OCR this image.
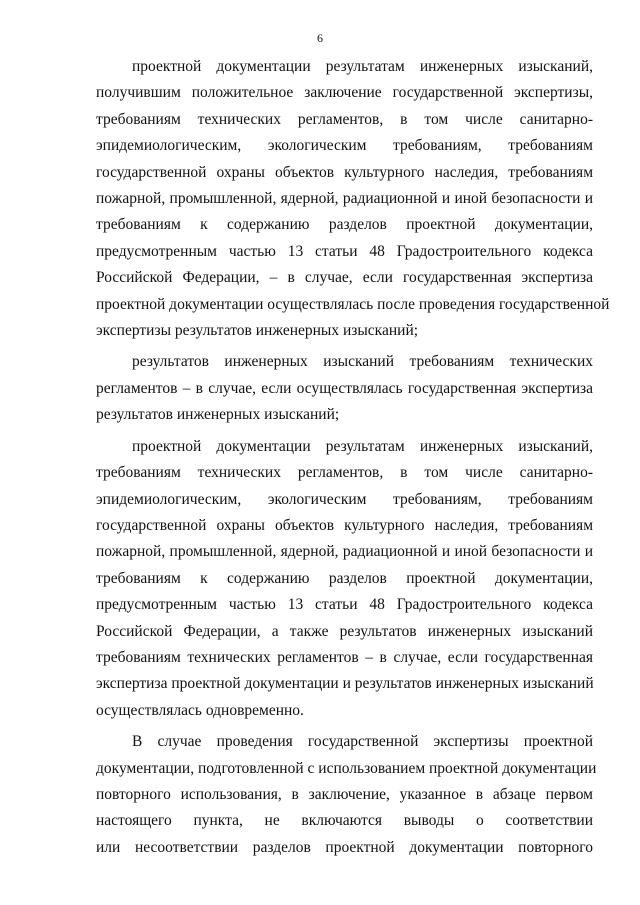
6

проектной документации результатам инженерных изысканий,
получившим положительное заключение государственной экспертизы,
требованиям технических регламентов, в том числе санитарно-
эпидемиологическим, экологическим требованиям, требованиям
государственной охраны объектов культурного наследия, требованиям
пожарной, промышленной, ядерной, радиационной и иной безопасности и
требованиям к содержанию разделов проектной документации,
предусмотренным частью 13 статьи 48 Градостроительного кодекса
Российской Федерации, – в случае, если государственная экспертиза
проектной документации осуществлялась после проведения государственной
экспертизы результатов инженерных изысканий;

результатов инженерных изысканий требованиям технических
регламентов – в случае, если осуществлялась государственная экспертиза
результатов инженерных изысканий;

проектной документации результатам инженерных изысканий,
требованиям технических регламентов, в том числе санитарно-
эпидемиологическим, экологическим требованиям, требованиям
государственной охраны объектов культурного наследия, требованиям
пожарной, промышленной, ядерной, радиационной и иной безопасности и
требованиям к содержанию разделов проектной документации,
предусмотренным частью 13 статьи 48 Градостроительного кодекса
Российской Федерации, а также результатов инженерных изысканий
требованиям технических регламентов – в случае, если государственная
экспертиза проектной документации и результатов инженерных изысканий
осуществлялась одновременно.

В случае проведения государственной экспертизы проектной
документации, подготовленной с использованием проектной документации
повторного использования, в заключение, указанное в абзаце первом
настоящего пункта, не включаются выводы о соответствии
или несоответствии разделов проектной документации повторного
